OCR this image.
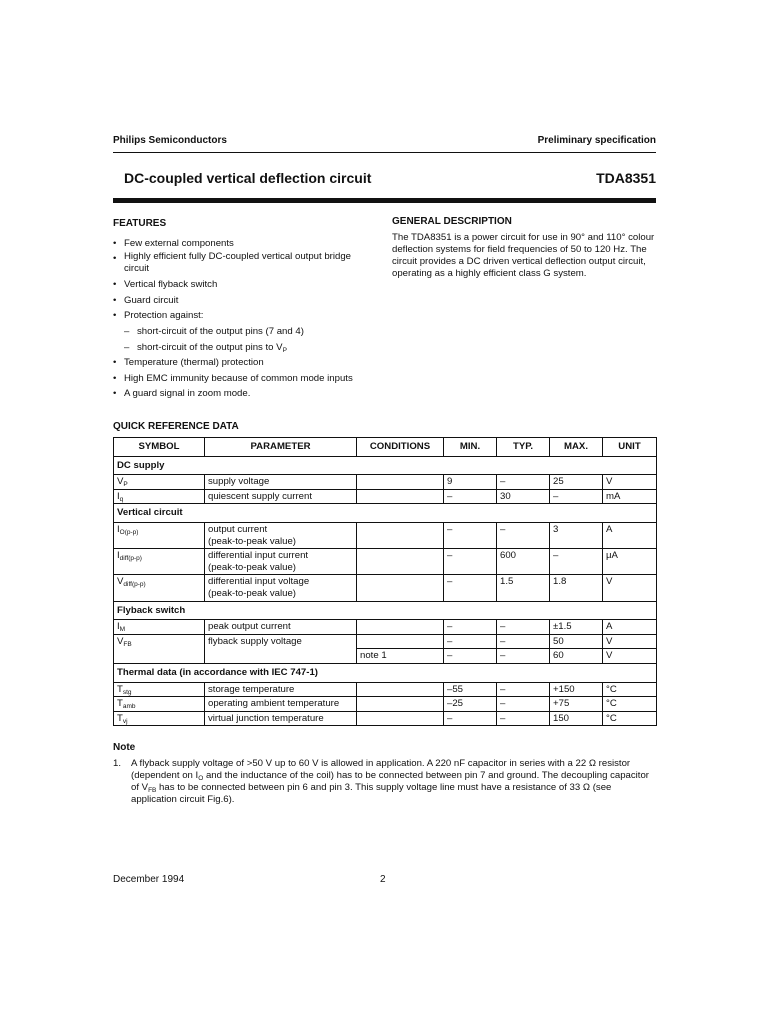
Philips Semiconductors	Preliminary specification
DC-coupled vertical deflection circuit	TDA8351
FEATURES
• Few external components
• Highly efficient fully DC-coupled vertical output bridge circuit
• Vertical flyback switch
• Guard circuit
• Protection against:
– short-circuit of the output pins (7 and 4)
– short-circuit of the output pins to $V_P$
• Temperature (thermal) protection
• High EMC immunity because of common mode inputs
• A guard signal in zoom mode.
GENERAL DESCRIPTION

The TDA8351 is a power circuit for use in 90° and 110° colour deflection systems for field frequencies of 50 to 120 Hz. The circuit provides a DC driven vertical deflection output circuit, operating as a highly efficient class G system.

QUICK REFERENCE DATA
SYMBOL	PARAMETER	CONDITIONS	MIN.	TYP.	MAX.	UNIT
DC supply						
$V_P$	supply voltage		9	–	25	V
$I_q$	quiescent supply current		–	30	–	mA
Vertical circuit						
$I_{O(p-p)}$	output current
(peak-to-peak value)		–	–	3	A
$I_{diff(p-p)}$	differential input current
(peak-to-peak value)		–	600	–	μA
$V_{diff(p-p)}$	differential input voltage
(peak-to-peak value)		–	1.5	1.8	V
Flyback switch						
$I_M$	peak output current		–	–	±1.5	A
$V_{FB}$	flyback supply voltage		–	–	50	V
		note 1	–	–	60	V
Thermal data (in accordance with IEC 747-1)						
$T_{stg}$	storage temperature		–55	–	+150	°C
$T_{amb}$	operating ambient temperature		–25	–	+75	°C
$T_{vj}$	virtual junction temperature		–	–	150	°C
Note
1. A flyback supply voltage of >50 V up to 60 V is allowed in application. A 220 nF capacitor in series with a 22 Ω resistor (dependent on $I_O$ and the inductance of the coil) has to be connected between pin 7 and ground. The decoupling capacitor of $V_{FB}$ has to be connected between pin 6 and pin 3. This supply voltage line must have a resistance of 33 Ω (see application circuit Fig.6).
December 1994	2
